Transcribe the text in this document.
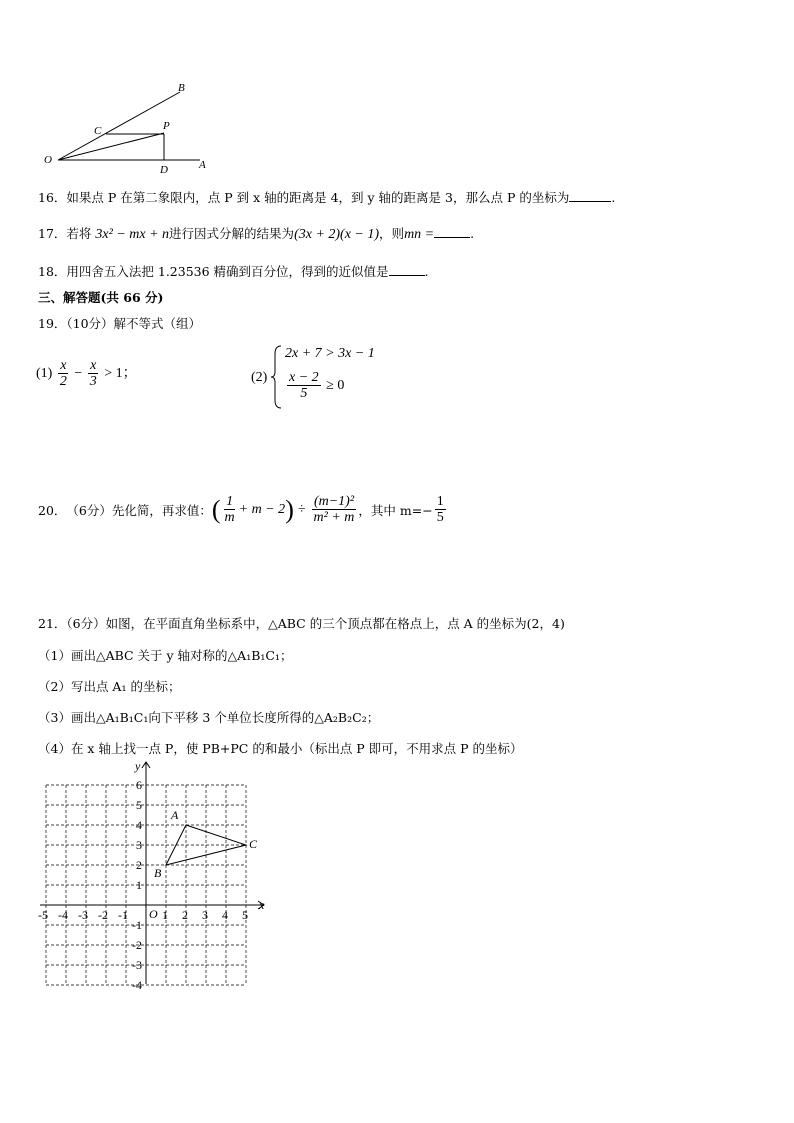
B
C	P
O
D	A
16．如果点 P 在第二象限内，点 P 到 x 轴的距离是 4，到 y 轴的距离是 3，那么点 P 的坐标为	.
17．若将 3x² − mx + n进行因式分解的结果为(3x + 2)(x − 1)，则mn =	.
18．用四舍五入法把 1.23536 精确到百分位，得到的近似值是	.
三、解答题(共 66 分)
19．（10分）解不等式（组）
$(1) \frac{x}{2} - \frac{x}{3} > 1$；	(2)
2x + 7 > 3x − 1
$\frac{x - 2}{5} \ge 0$
20． （6分）先化简，再求值： ( $\frac{1}{m} + m - 2$ ) ÷ $\frac{\text{(m−1)²}}{\text{m² + m}}$ ，其中 $m=- \frac{1}{5}$
21．（6分）如图，在平面直角坐标系中，△ABC 的三个顶点都在格点上，点 A 的坐标为(2，4)
（1）画出△ABC 关于 y 轴对称的△A₁B₁C₁；
（2）写出点 A₁ 的坐标；
（3）画出△A₁B₁C₁向下平移 3 个单位长度所得的△A₂B₂C₂；
（4）在 x 轴上找一点 P，使 PB+PC 的和最小（标出点 P 即可，不用求点 P 的坐标）
x
y
O
A
B
C
-5 -4 -3 -2 -1	1 2 3 4 5
6
5
4
3
2
1
-1
-2
-3
-4
